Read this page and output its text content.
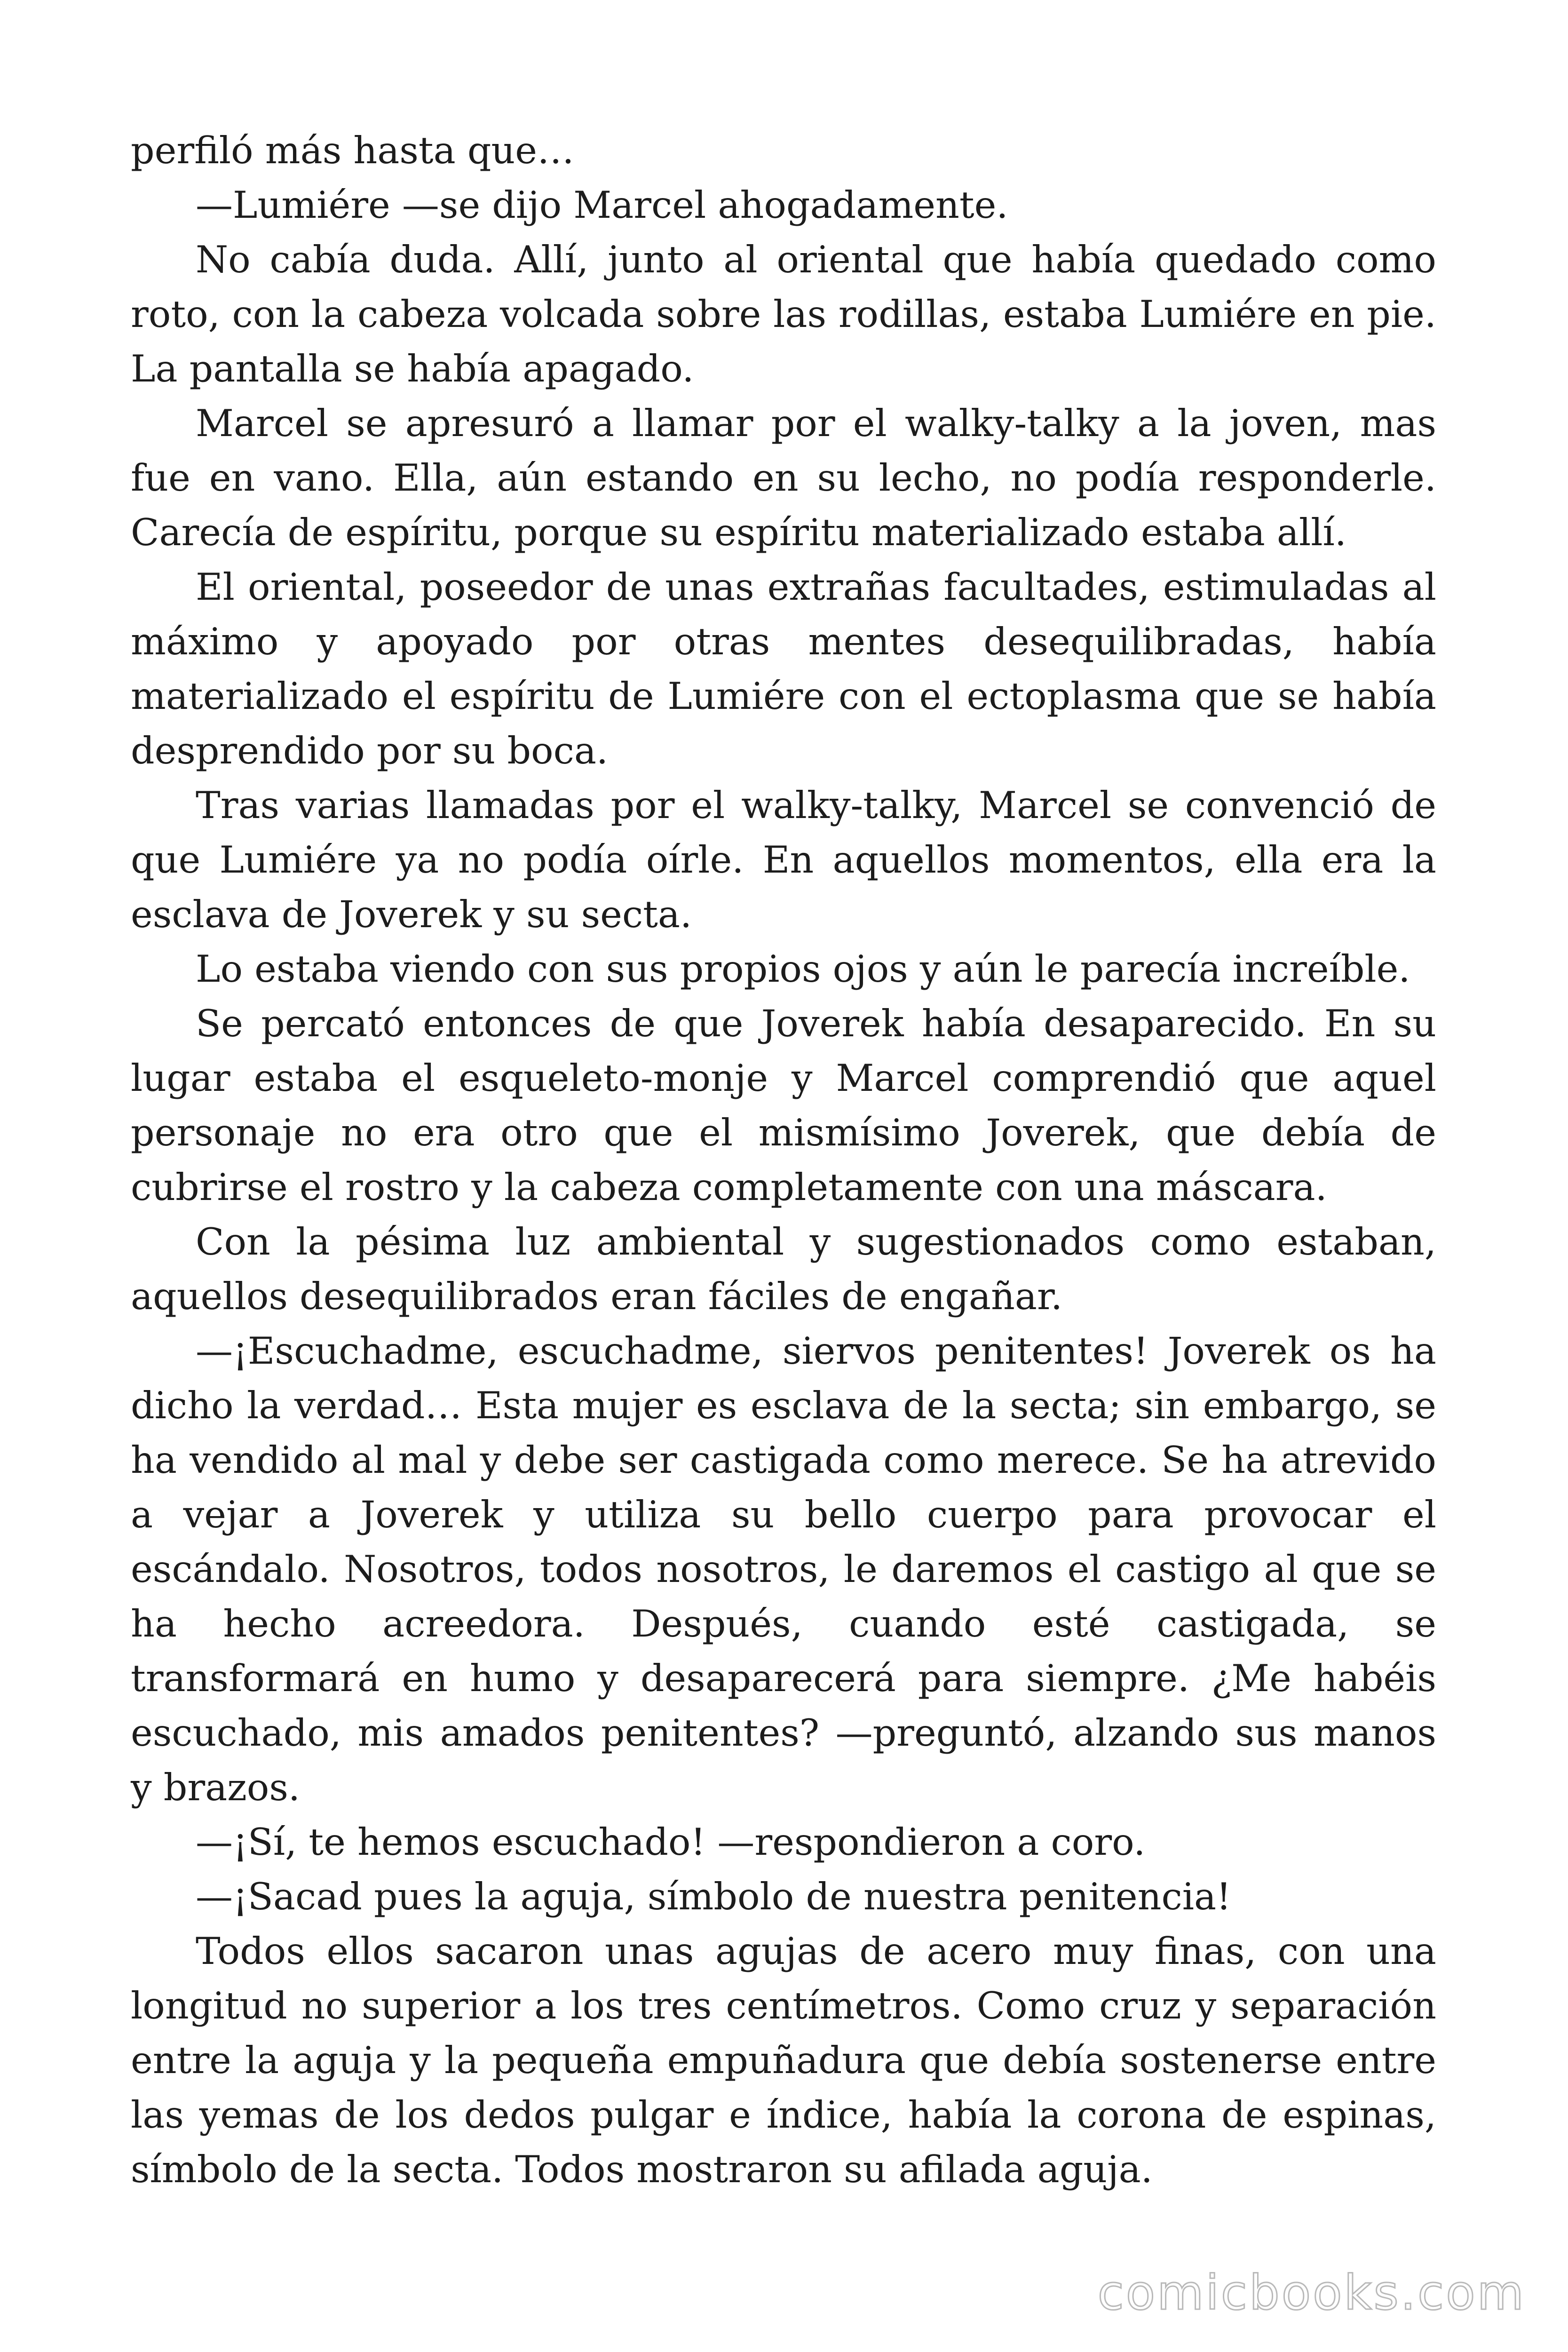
perfiló más hasta que…

—Lumiére —se dijo Marcel ahogadamente.

No cabía duda. Allí, junto al oriental que había quedado como roto, con la cabeza volcada sobre las rodillas, estaba Lumiére en pie. La pantalla se había apagado.

Marcel se apresuró a llamar por el walky-talky a la joven, mas fue en vano. Ella, aún estando en su lecho, no podía responderle. Carecía de espíritu, porque su espíritu materializado estaba allí.

El oriental, poseedor de unas extrañas facultades, estimuladas al máximo y apoyado por otras mentes desequilibradas, había materializado el espíritu de Lumiére con el ectoplasma que se había desprendido por su boca.

Tras varias llamadas por el walky-talky, Marcel se convenció de que Lumiére ya no podía oírle. En aquellos momentos, ella era la esclava de Joverek y su secta.

Lo estaba viendo con sus propios ojos y aún le parecía increíble.

Se percató entonces de que Joverek había desaparecido. En su lugar estaba el esqueleto-monje y Marcel comprendió que aquel personaje no era otro que el mismísimo Joverek, que debía de cubrirse el rostro y la cabeza completamente con una máscara.

Con la pésima luz ambiental y sugestionados como estaban, aquellos desequilibrados eran fáciles de engañar.

—¡Escuchadme, escuchadme, siervos penitentes! Joverek os ha dicho la verdad… Esta mujer es esclava de la secta; sin embargo, se ha vendido al mal y debe ser castigada como merece. Se ha atrevido a vejar a Joverek y utiliza su bello cuerpo para provocar el escándalo. Nosotros, todos nosotros, le daremos el castigo al que se ha hecho acreedora. Después, cuando esté castigada, se transformará en humo y desaparecerá para siempre. ¿Me habéis escuchado, mis amados penitentes? —preguntó, alzando sus manos y brazos.

—¡Sí, te hemos escuchado! —respondieron a coro.

—¡Sacad pues la aguja, símbolo de nuestra penitencia!

Todos ellos sacaron unas agujas de acero muy finas, con una longitud no superior a los tres centímetros. Como cruz y separación entre la aguja y la pequeña empuñadura que debía sostenerse entre las yemas de los dedos pulgar e índice, había la corona de espinas, símbolo de la secta. Todos mostraron su afilada aguja.

comicbooks.com
